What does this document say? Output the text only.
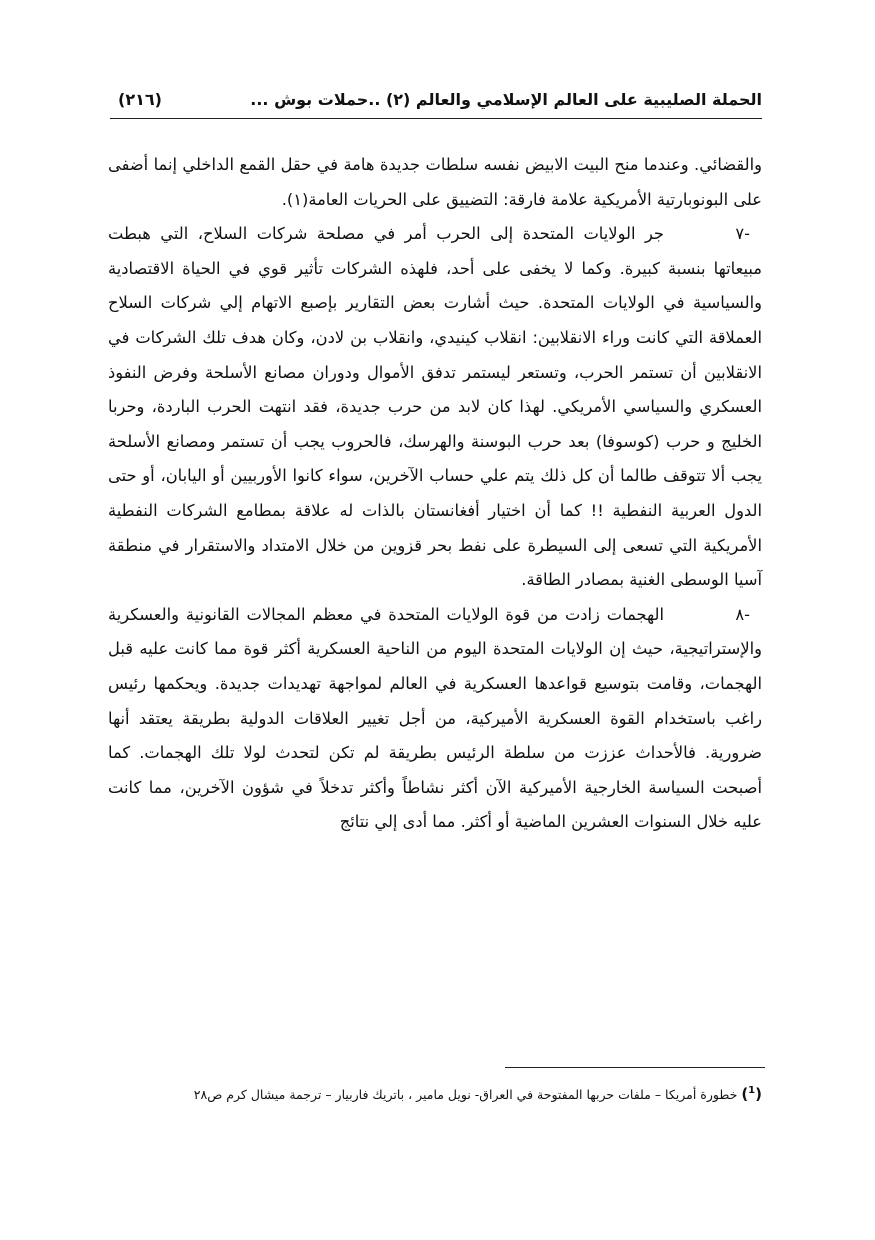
الحملة الصليبية على العالم الإسلامي والعالم (٢) ..حملات بوش ...
(٢١٦)

والقضائي. وعندما منح البيت الابيض نفسه سلطات جديدة هامة في حقل القمع الداخلي إنما أضفى على البونوبارتية الأمريكية علامة فارقة: التضييق على الحريات العامة(١).

-٧جر الولايات المتحدة إلى الحرب أمر في مصلحة شركات السلاح، التي هبطت مبيعاتها بنسبة كبيرة. وكما لا يخفى على أحد، فلهذه الشركات تأثير قوي في الحياة الاقتصادية والسياسية في الولايات المتحدة. حيث أشارت بعض التقارير بإصبع الاتهام إلي شركات السلاح العملاقة التي كانت وراء الانقلابين: انقلاب كينيدي، وانقلاب بن لادن، وكان هدف تلك الشركات في الانقلابين أن تستمر الحرب، وتستعر ليستمر تدفق الأموال ودوران مصانع الأسلحة وفرض النفوذ العسكري والسياسي الأمريكي. لهذا كان لابد من حرب جديدة، فقد انتهت الحرب الباردة، وحربا الخليج و حرب (كوسوفا) بعد حرب البوسنة والهرسك، فالحروب يجب أن تستمر ومصانع الأسلحة يجب ألا تتوقف طالما أن كل ذلك يتم علي حساب الآخرين، سواء كانوا الأوربيين أو اليابان، أو حتى الدول العربية النفطية !! كما أن اختيار أفغانستان بالذات له علاقة بمطامع الشركات النفطية الأمريكية التي تسعى إلى السيطرة على نفط بحر قزوين من خلال الامتداد والاستقرار في منطقة آسيا الوسطى الغنية بمصادر الطاقة.

-٨الهجمات زادت من قوة الولايات المتحدة في معظم المجالات القانونية والعسكرية والإستراتيجية، حيث إن الولايات المتحدة اليوم من الناحية العسكرية أكثر قوة مما كانت عليه قبل الهجمات، وقامت بتوسيع قواعدها العسكرية في العالم لمواجهة تهديدات جديدة. ويحكمها رئيس راغب باستخدام القوة العسكرية الأميركية، من أجل تغيير العلاقات الدولية بطريقة يعتقد أنها ضرورية. فالأحداث عززت من سلطة الرئيس بطريقة لم تكن لتحدث لولا تلك الهجمات. كما أصبحت السياسة الخارجية الأميركية الآن أكثر نشاطاً وأكثر تدخلاً في شؤون الآخرين، مما كانت عليه خلال السنوات العشرين الماضية أو أكثر. مما أدى إلي نتائج

($^1$) خطورة أمريكا – ملفات حربها المفتوحة في العراق- نويل مامير ، باتريك فاربيار – ترجمة ميشال كرم ص٢٨
